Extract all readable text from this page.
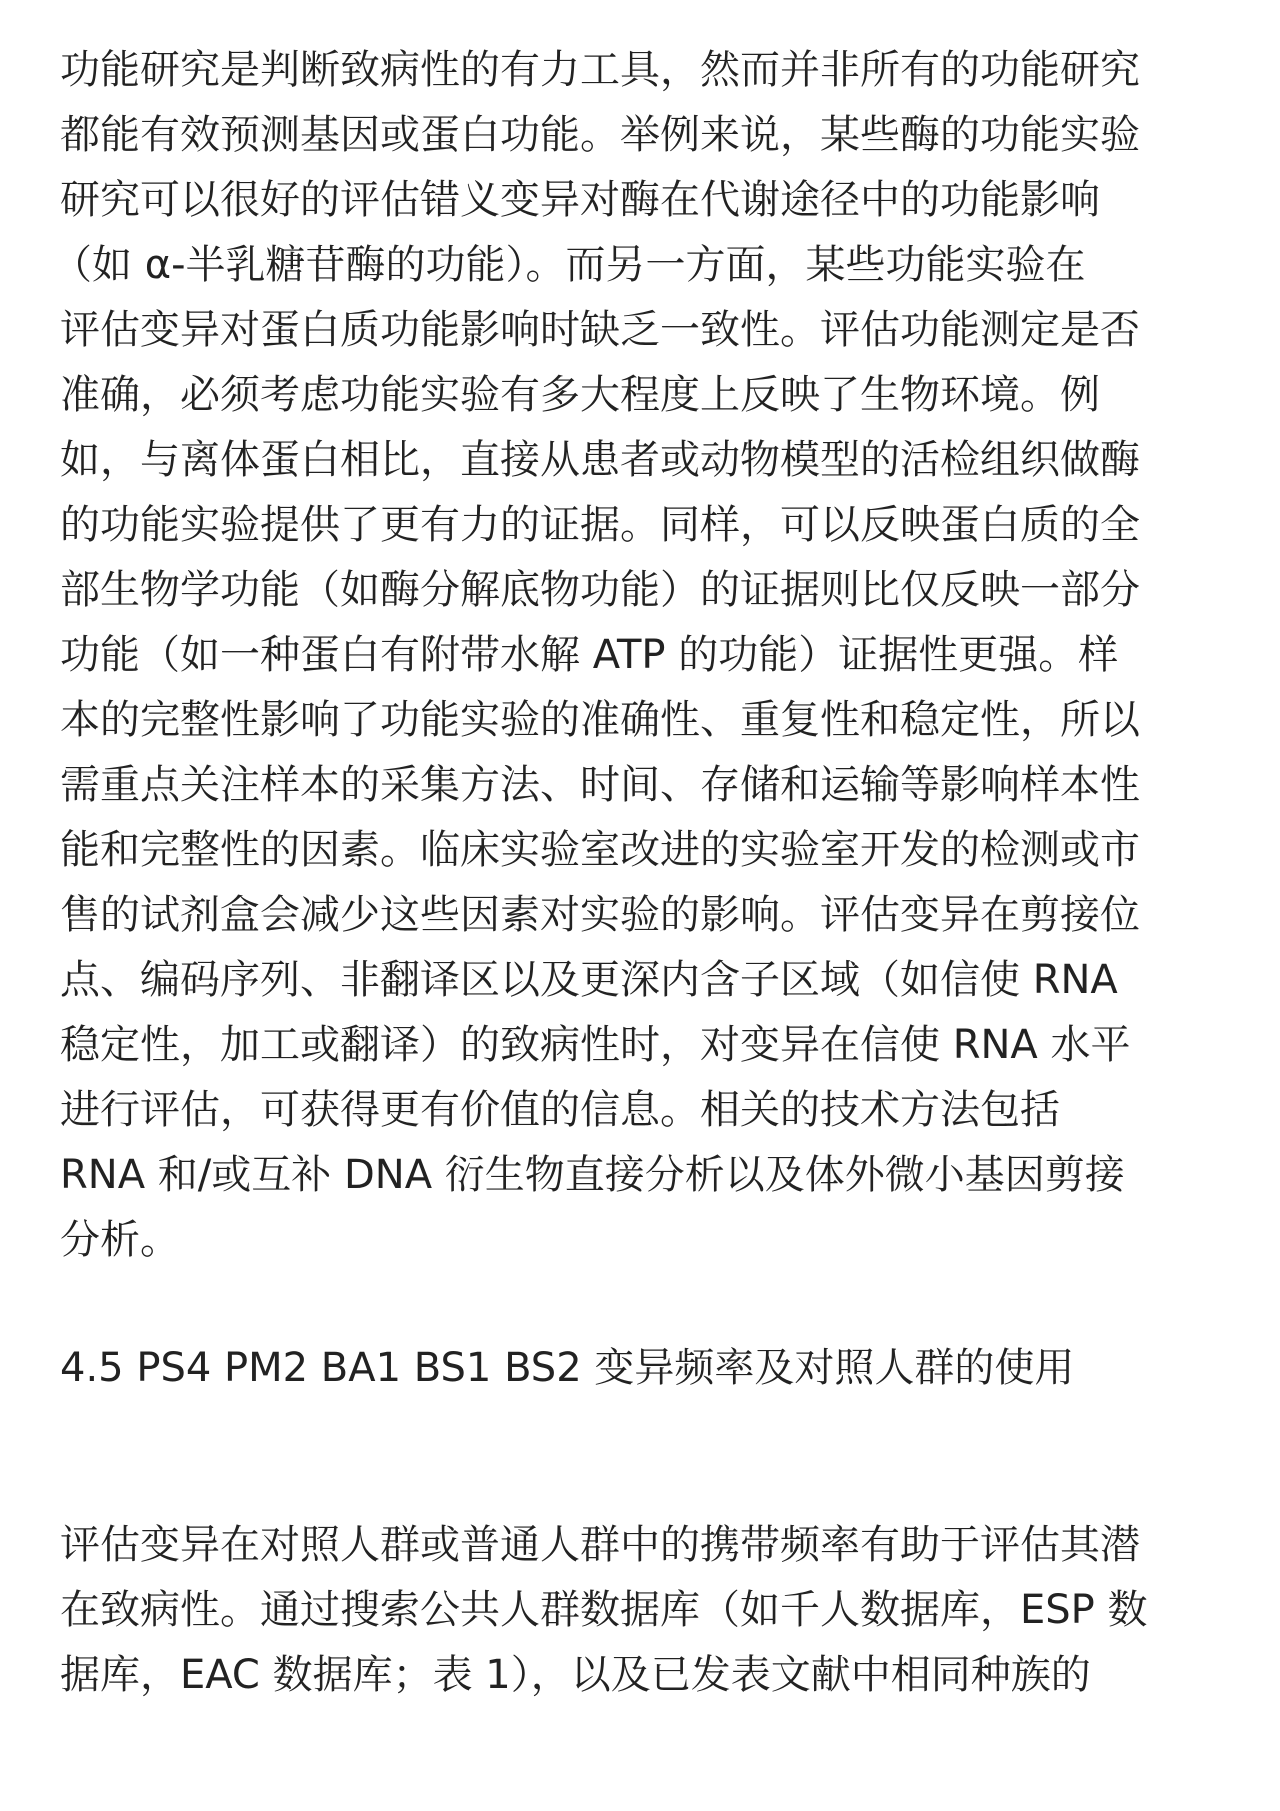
功能研究是判断致病性的有力工具，然而并非所有的功能研究
都能有效预测基因或蛋白功能。举例来说，某些酶的功能实验
研究可以很好的评估错义变异对酶在代谢途径中的功能影响
（如 α-半乳糖苷酶的功能）。而另一方面，某些功能实验在
评估变异对蛋白质功能影响时缺乏一致性。评估功能测定是否
准确，必须考虑功能实验有多大程度上反映了生物环境。例
如，与离体蛋白相比，直接从患者或动物模型的活检组织做酶
的功能实验提供了更有力的证据。同样，可以反映蛋白质的全
部生物学功能（如酶分解底物功能）的证据则比仅反映一部分
功能（如一种蛋白有附带水解 ATP 的功能）证据性更强。样
本的完整性影响了功能实验的准确性、重复性和稳定性，所以
需重点关注样本的采集方法、时间、存储和运输等影响样本性
能和完整性的因素。临床实验室改进的实验室开发的检测或市
售的试剂盒会减少这些因素对实验的影响。评估变异在剪接位
点、编码序列、非翻译区以及更深内含子区域（如信使 RNA
稳定性，加工或翻译）的致病性时，对变异在信使 RNA 水平
进行评估，可获得更有价值的信息。相关的技术方法包括
RNA 和/或互补 DNA 衍生物直接分析以及体外微小基因剪接
分析。
4.5 PS4 PM2 BA1 BS1 BS2 变异频率及对照人群的使用
评估变异在对照人群或普通人群中的携带频率有助于评估其潜
在致病性。通过搜索公共人群数据库（如千人数据库，ESP 数
据库，EAC 数据库；表 1），以及已发表文献中相同种族的
